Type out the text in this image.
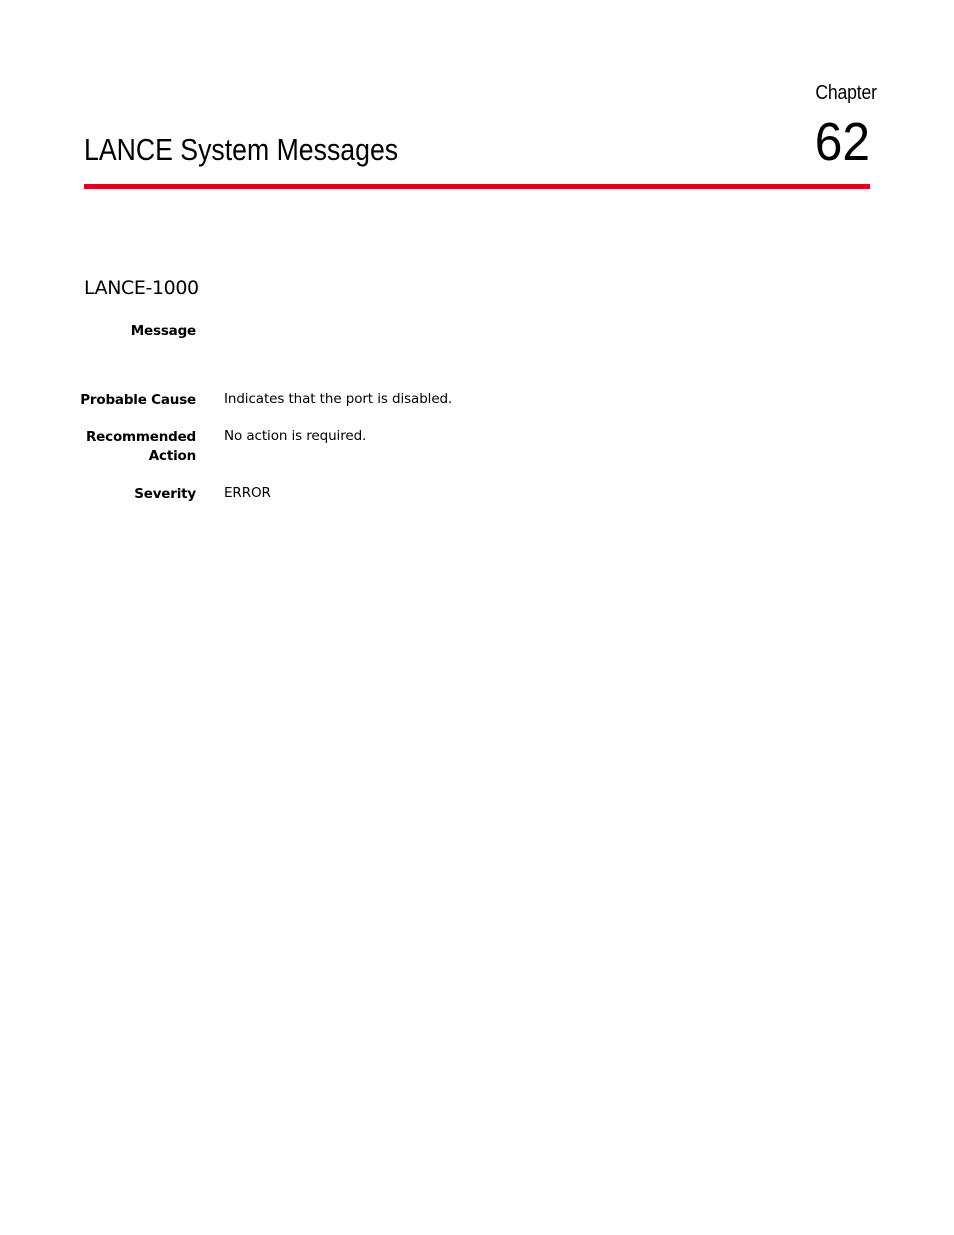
Chapter
62
LANCE System Messages
LANCE-1000
Message
Probable Cause Indicates that the port is disabled.
Recommended
Action
No action is required.
Severity ERROR
